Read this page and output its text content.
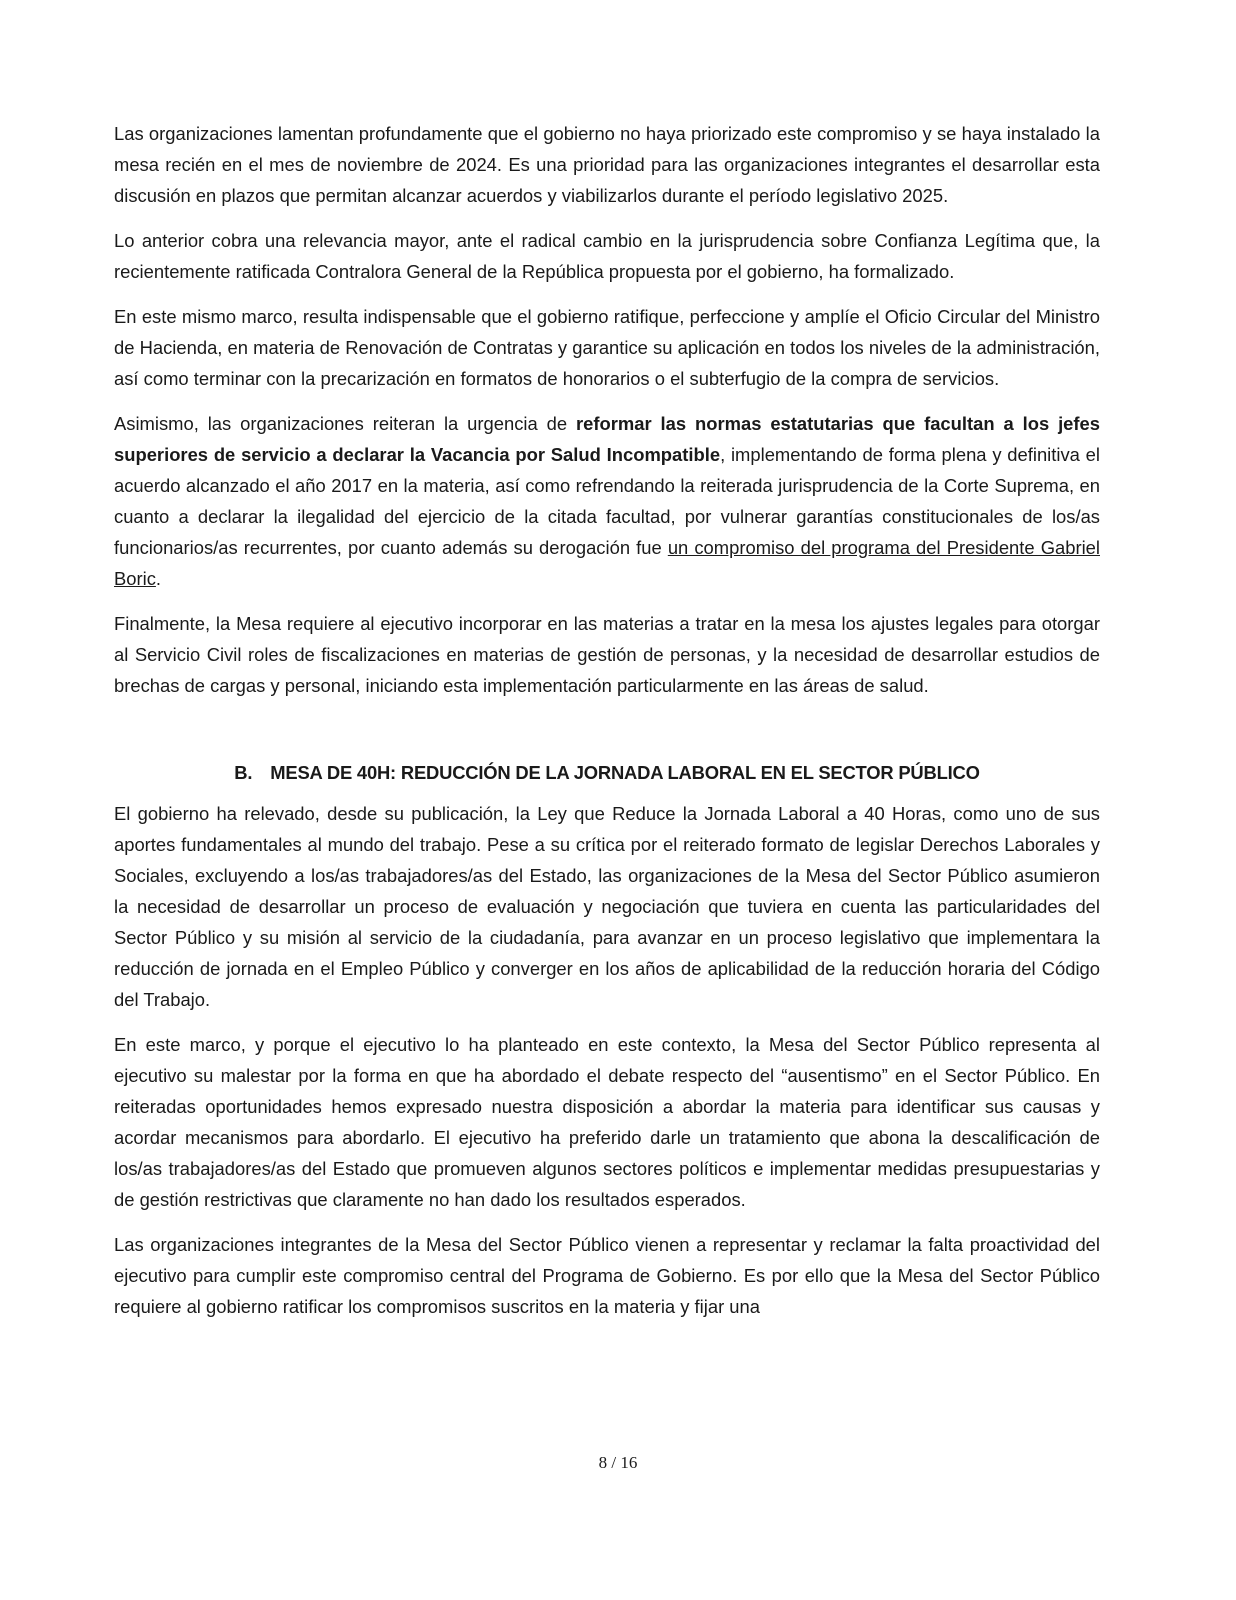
Las organizaciones lamentan profundamente que el gobierno no haya priorizado este compromiso y se haya instalado la mesa recién en el mes de noviembre de 2024. Es una prioridad para las organizaciones integrantes el desarrollar esta discusión en plazos que permitan alcanzar acuerdos y viabilizarlos durante el período legislativo 2025.

Lo anterior cobra una relevancia mayor, ante el radical cambio en la jurisprudencia sobre Confianza Legítima que, la recientemente ratificada Contralora General de la República propuesta por el gobierno, ha formalizado.

En este mismo marco, resulta indispensable que el gobierno ratifique, perfeccione y amplíe el Oficio Circular del Ministro de Hacienda, en materia de Renovación de Contratas y garantice su aplicación en todos los niveles de la administración, así como terminar con la precarización en formatos de honorarios o el subterfugio de la compra de servicios.

Asimismo, las organizaciones reiteran la urgencia de reformar las normas estatutarias que facultan a los jefes superiores de servicio a declarar la Vacancia por Salud Incompatible, implementando de forma plena y definitiva el acuerdo alcanzado el año 2017 en la materia, así como refrendando la reiterada jurisprudencia de la Corte Suprema, en cuanto a declarar la ilegalidad del ejercicio de la citada facultad, por vulnerar garantías constitucionales de los/as funcionarios/as recurrentes, por cuanto además su derogación fue un compromiso del programa del Presidente Gabriel Boric.

Finalmente, la Mesa requiere al ejecutivo incorporar en las materias a tratar en la mesa los ajustes legales para otorgar al Servicio Civil roles de fiscalizaciones en materias de gestión de personas, y la necesidad de desarrollar estudios de brechas de cargas y personal, iniciando esta implementación particularmente en las áreas de salud.

B. MESA DE 40H: REDUCCIÓN DE LA JORNADA LABORAL EN EL SECTOR PÚBLICO

El gobierno ha relevado, desde su publicación, la Ley que Reduce la Jornada Laboral a 40 Horas, como uno de sus aportes fundamentales al mundo del trabajo. Pese a su crítica por el reiterado formato de legislar Derechos Laborales y Sociales, excluyendo a los/as trabajadores/as del Estado, las organizaciones de la Mesa del Sector Público asumieron la necesidad de desarrollar un proceso de evaluación y negociación que tuviera en cuenta las particularidades del Sector Público y su misión al servicio de la ciudadanía, para avanzar en un proceso legislativo que implementara la reducción de jornada en el Empleo Público y converger en los años de aplicabilidad de la reducción horaria del Código del Trabajo.

En este marco, y porque el ejecutivo lo ha planteado en este contexto, la Mesa del Sector Público representa al ejecutivo su malestar por la forma en que ha abordado el debate respecto del “ausentismo” en el Sector Público. En reiteradas oportunidades hemos expresado nuestra disposición a abordar la materia para identificar sus causas y acordar mecanismos para abordarlo. El ejecutivo ha preferido darle un tratamiento que abona la descalificación de los/as trabajadores/as del Estado que promueven algunos sectores políticos e implementar medidas presupuestarias y de gestión restrictivas que claramente no han dado los resultados esperados.

Las organizaciones integrantes de la Mesa del Sector Público vienen a representar y reclamar la falta proactividad del ejecutivo para cumplir este compromiso central del Programa de Gobierno. Es por ello que la Mesa del Sector Público requiere al gobierno ratificar los compromisos suscritos en la materia y fijar una

8 / 16
